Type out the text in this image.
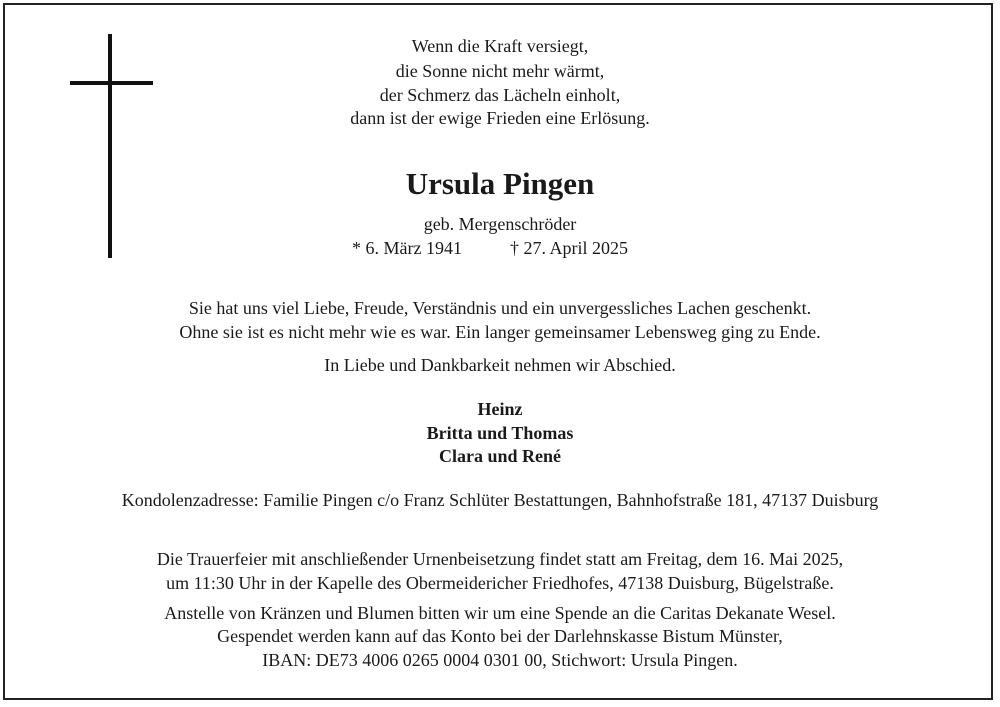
Wenn die Kraft versiegt,
die Sonne nicht mehr wärmt,
der Schmerz das Lächeln einholt,
dann ist der ewige Frieden eine Erlösung.
Ursula Pingen
geb. Mergenschröder
* 6. März 1941	† 27. April 2025
Sie hat uns viel Liebe, Freude, Verständnis und ein unvergessliches Lachen geschenkt.
Ohne sie ist es nicht mehr wie es war. Ein langer gemeinsamer Lebensweg ging zu Ende.
In Liebe und Dankbarkeit nehmen wir Abschied.
Heinz
Britta und Thomas
Clara und René
Kondolenzadresse: Familie Pingen c/o Franz Schlüter Bestattungen, Bahnhofstraße 181, 47137 Duisburg
Die Trauerfeier mit anschließender Urnenbeisetzung findet statt am Freitag, dem 16. Mai 2025,
um 11:30 Uhr in der Kapelle des Obermeidericher Friedhofes, 47138 Duisburg, Bügelstraße.
Anstelle von Kränzen und Blumen bitten wir um eine Spende an die Caritas Dekanate Wesel.
Gespendet werden kann auf das Konto bei der Darlehnskasse Bistum Münster,
IBAN: DE73 4006 0265 0004 0301 00, Stichwort: Ursula Pingen.
